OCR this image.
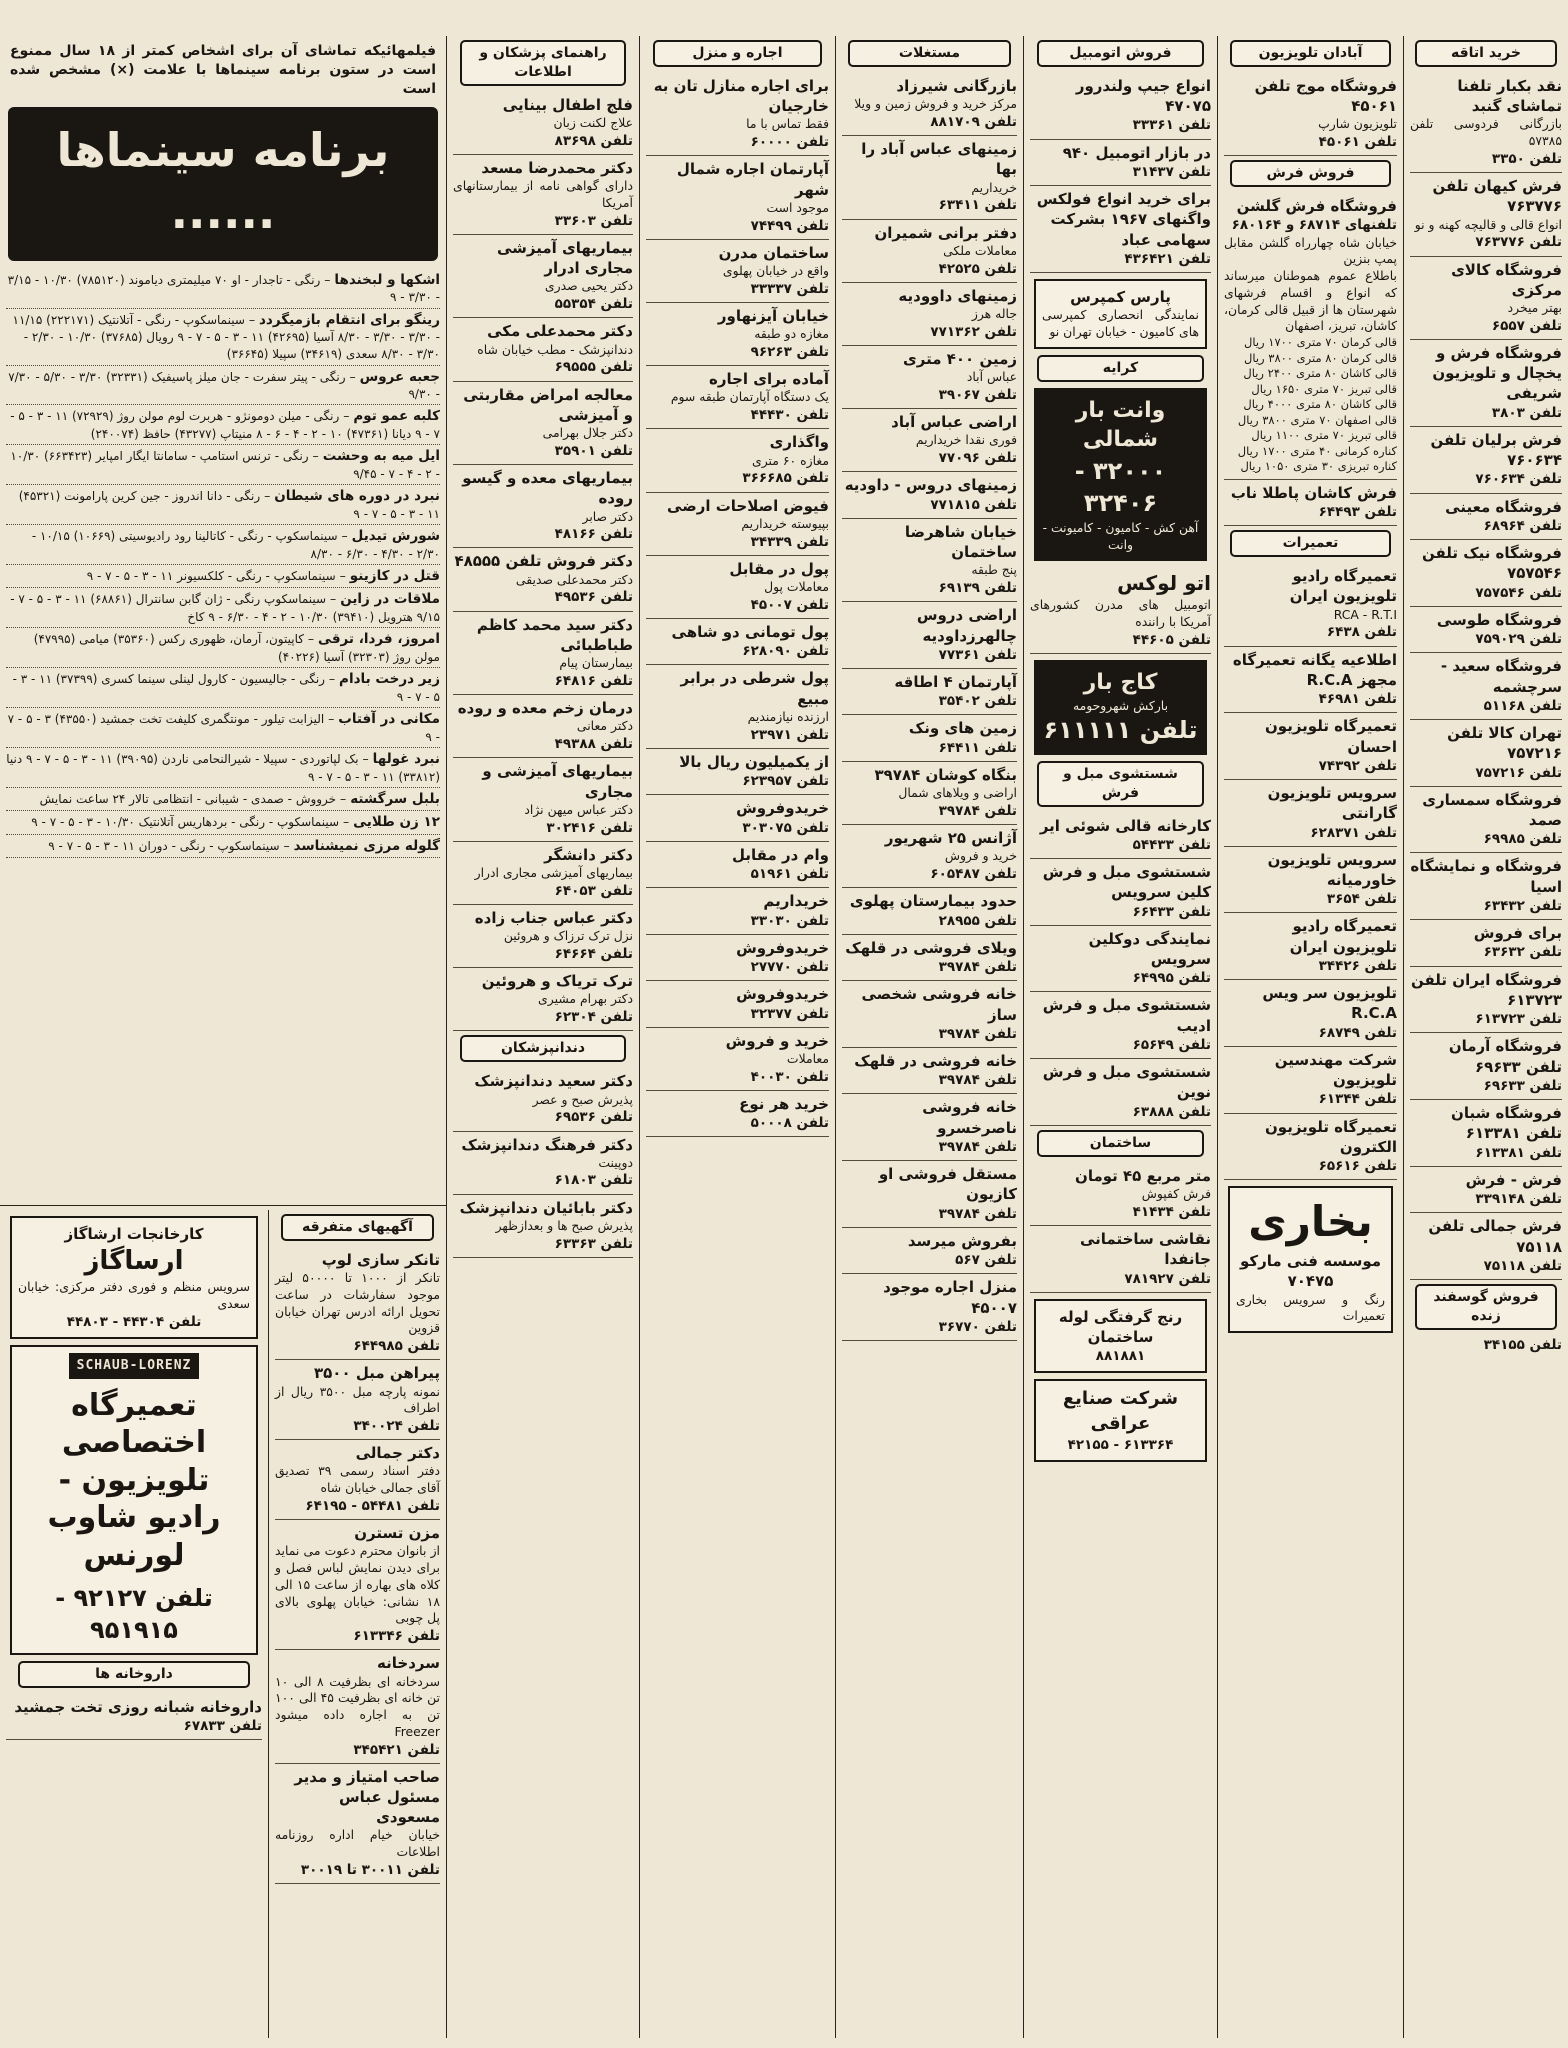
خرید اتاقه
نقد بکبار تلفنا تماشای گنبد
بازرگانی فردوسی تلفن ۵۷۳۸۵
تلفن ۳۳۵۰
فرش کیهان تلفن ۷۶۳۷۷۶
انواع قالی و قالیچه کهنه و نو
تلفن ۷۶۳۷۷۶
فروشگاه کالای مرکزی
بهتر میخرد
تلفن ۶۵۵۷
فروشگاه فرش و یخچال و تلویزیون شریفی
تلفن ۳۸۰۳
فرش برلیان تلفن ۷۶۰۶۳۴
تلفن ۷۶۰۶۳۴
فروشگاه معینی
تلفن ۶۸۹۶۴
فروشگاه نیک تلفن ۷۵۷۵۴۶
تلفن ۷۵۷۵۴۶
فروشگاه طوسی
تلفن ۷۵۹۰۲۹
فروشگاه سعید - سرچشمه
تلفن ۵۱۱۶۸
تهران کالا تلفن ۷۵۷۲۱۶
تلفن ۷۵۷۲۱۶
فروشگاه سمساری صمد
تلفن ۶۹۹۸۵
فروشگاه و نمایشگاه اسیا
تلفن ۶۳۴۳۲
برای فروش
تلفن ۶۳۶۳۲
فروشگاه ایران تلفن ۶۱۳۷۲۳
تلفن ۶۱۳۷۲۳
فروشگاه آرمان تلفن ۶۹۶۳۳
تلفن ۶۹۶۳۳
فروشگاه شبان تلفن ۶۱۳۳۸۱
تلفن ۶۱۳۳۸۱
فرش - فرش
تلفن ۳۳۹۱۴۸
فرش جمالی تلفن ۷۵۱۱۸
تلفن ۷۵۱۱۸
فروش گوسفند زنده
تلفن ۳۴۱۵۵
آبادان تلویزیون
فروشگاه موج تلفن ۴۵۰۶۱
تلویزیون شارپ
تلفن ۴۵۰۶۱
فروش فرش
فروشگاه فرش گلشن
تلفنهای ۶۸۷۱۴ و ۶۸۰۱۶۴
خیابان شاه چهارراه گلشن مقابل پمپ بنزین
باطلاع عموم هموطنان میرساند که انواع و اقسام فرشهای شهرستان ها از قبیل قالی کرمان، کاشان، تبریز، اصفهان
قالی کرمان ۷۰ متری ۱۷۰۰ ریال
قالی کرمان ۸۰ متری ۳۸۰۰ ریال
قالی کاشان ۸۰ متری ۲۴۰۰ ریال
قالی تبریز ۷۰ متری ۱۶۵۰ ریال
قالی کاشان ۸۰ متری ۴۰۰۰ ریال
قالی اصفهان ۷۰ متری ۳۸۰۰ ریال
قالی تبریز ۷۰ متری ۱۱۰۰ ریال
کناره کرمانی ۴۰ متری ۱۷۰۰ ریال
کناره تبریزی ۳۰ متری ۱۰۵۰ ریال
فرش کاشان پاطلا ناب
تلفن ۶۴۴۹۳
تعمیرات
تعمیرگاه رادیو تلویزیون ایران
RCA - R.T.I
تلفن ۶۴۳۸
اطلاعیه یگانه تعمیرگاه مجهز R.C.A
تلفن ۴۶۹۸۱
تعمیرگاه تلویزیون احسان
تلفن ۷۴۳۹۲
سرویس تلویزیون گارانتی
تلفن ۶۲۸۳۷۱
سرویس تلویزیون خاورمیانه
تلفن ۳۶۵۴
تعمیرگاه رادیو تلویزیون ایران
تلفن ۳۴۴۲۶
تلویزیون سر ویس R.C.A
تلفن ۶۸۷۴۹
شرکت مهندسین تلویزیون
تلفن ۶۱۳۴۴
تعمیرگاه تلویزیون الکترون
تلفن ۶۵۶۱۶
بخاری
موسسه فنی مارکو ۷۰۴۷۵
رنگ و سرویس بخاری تعمیرات
فروش اتومبیل
انواع جیپ ولندرور ۴۷۰۷۵
تلفن ۳۳۳۶۱
در بازار اتومبیل ۹۴۰
تلفن ۳۱۴۳۷
برای خرید انواع فولکس واگنهای ۱۹۶۷ بشرکت سهامی عباد
تلفن ۴۳۶۴۲۱
پارس کمپرس
نمایندگی انحصاری کمپرسی های کامیون - خیابان تهران نو
کرایه
وانت بار شمالی
۳۲۰۰۰ - ۳۲۴۰۶
آهن کش - کامیون - کامیونت - وانت
اتو لوکس
اتومبیل های مدرن کشورهای آمریکا با راننده
تلفن ۴۴۶۰۵
کاج بار
بارکش شهروحومه
تلفن ۶۱۱۱۱۱
شستشوی مبل و فرش
کارخانه قالی شوئی ایر
تلفن ۵۴۴۳۳
شستشوی مبل و فرش کلین سرویس
تلفن ۶۶۴۳۳
نمایندگی دوکلین سرویس
تلفن ۶۴۹۹۵
شستشوی مبل و فرش ادیب
تلفن ۶۵۶۴۹
شستشوی مبل و فرش نوین
تلفن ۶۳۸۸۸
ساختمان
متر مربع ۴۵ تومان
فرش کفپوش
تلفن ۴۱۴۳۴
نقاشی ساختمانی جانفدا
تلفن ۷۸۱۹۲۷
رنج گرفتگی لوله ساختمان
۸۸۱۸۸۱
شرکت صنایع عراقی
۶۱۳۳۶۴ - ۴۲۱۵۵
مستغلات
بازرگانی شیرزاد
مرکز خرید و فروش زمین و ویلا
تلفن ۸۸۱۷۰۹
زمینهای عباس آباد را بها
خریداریم
تلفن ۶۳۴۱۱
دفتر برانی شمیران
معاملات ملکی
تلفن ۴۲۵۲۵
زمینهای داوودیه
جاله هرز
تلفن ۷۷۱۳۶۲
زمین ۴۰۰ متری
عباس آباد
تلفن ۳۹۰۶۷
اراضی عباس آباد
فوری نقدا خریداریم
تلفن ۷۷۰۹۶
زمینهای دروس - داودیه
تلفن ۷۷۱۸۱۵
خیابان شاهرضا ساختمان
پنج طبقه
تلفن ۶۹۱۳۹
اراضی دروس چالهرزداودیه
تلفن ۷۷۳۶۱
آپارتمان ۴ اطاقه
تلفن ۳۵۴۰۲
زمین های ونک
تلفن ۶۴۴۱۱
بنگاه کوشان ۳۹۷۸۴
اراضی و ویلاهای شمال
تلفن ۳۹۷۸۴
آژانس ۲۵ شهریور
خرید و فروش
تلفن ۶۰۵۴۸۷
حدود بیمارستان پهلوی
تلفن ۲۸۹۵۵
ویلای فروشی در قلهک
تلفن ۳۹۷۸۴
خانه فروشی شخصی ساز
تلفن ۳۹۷۸۴
خانه فروشی در قلهک
تلفن ۳۹۷۸۴
خانه فروشی ناصرخسرو
تلفن ۳۹۷۸۴
مستقل فروشی او کازیون
تلفن ۳۹۷۸۴
بفروش میرسد
تلفن ۵۶۷
منزل اجاره موجود ۴۵۰۰۷
تلفن ۳۶۷۷۰
اجاره و منزل
برای اجاره منازل تان به خارجیان
فقط تماس با ما
تلفن ۶۰۰۰۰
آپارتمان اجاره شمال شهر
موجود است
تلفن ۷۴۴۹۹
ساختمان مدرن
واقع در خیابان پهلوی
تلفن ۳۳۳۳۷
خیابان آیزنهاور
مغازه دو طبقه
تلفن ۹۶۲۶۳
آماده برای اجاره
یک دستگاه آپارتمان طبقه سوم
تلفن ۴۴۴۳۰
واگذاری
مغازه ۶۰ متری
تلفن ۳۶۶۶۸۵
فیوض اصلاحات ارضی
بپیوسته خریداریم
تلفن ۳۴۳۳۹
پول در مقابل
معاملات پول
تلفن ۴۵۰۰۷
پول تومانی دو شاهی
تلفن ۶۲۸۰۹۰
پول شرطی در برابر مبیع
ارزنده نیازمندیم
تلفن ۲۳۹۷۱
از یکمیلیون ریال بالا
تلفن ۶۲۳۹۵۷
خریدوفروش
تلفن ۳۰۳۰۷۵
وام در مقابل
تلفن ۵۱۹۶۱
خریداریم
تلفن ۳۳۰۳۰
خریدوفروش
تلفن ۲۷۷۷۰
خریدوفروش
تلفن ۳۲۳۷۷
خرید و فروش
معاملات
تلفن ۴۰۰۳۰
خرید هر نوع
تلفن ۵۰۰۰۸
راهنمای پزشکان و اطلاعات
فلج اطفال بینایی
علاج لکنت زبان
تلفن ۸۳۶۹۸
دکتر محمدرضا مسعد
دارای گواهی نامه از بیمارستانهای آمریکا
تلفن ۳۳۶۰۳
بیماریهای آمیزشی مجاری ادرار
دکتر یحیی صدری
تلفن ۵۵۳۵۴
دکتر محمدعلی مکی
دندانپزشک - مطب خیابان شاه
تلفن ۶۹۵۵۵
معالجه امراض مقاربتی و آمیزشی
دکتر جلال بهرامی
تلفن ۳۵۹۰۱
بیماریهای معده و گیسو روده
دکتر صابر
تلفن ۴۸۱۶۶
دکتر فروش تلفن ۴۸۵۵۵
دکتر محمدعلی صدیقی
تلفن ۴۹۵۳۶
دکتر سید محمد کاظم طباطبائی
بیمارستان پیام
تلفن ۶۴۸۱۶
درمان زخم معده و روده
دکتر معانی
تلفن ۴۹۳۸۸
بیماریهای آمیزشی و مجاری
دکتر عباس میهن نژاد
تلفن ۳۰۲۴۱۶
دکتر دانشگر
بیماریهای آمیزشی مجاری ادرار
تلفن ۶۴۰۵۳
دکتر عباس جناب زاده
نزل ترک ترزاک و هروئین
تلفن ۶۴۶۶۴
ترک تریاک و هروئین
دکتر بهرام مشیری
تلفن ۶۲۳۰۴
دندانپزشکان
دکتر سعید دندانپزشک
پذیرش صبح و عصر
تلفن ۶۹۵۳۶
دکتر فرهنگ دندانپزشک
دوپینت
تلفن ۶۱۸۰۳
دکتر بابائیان دندانپزشک
پذیرش صبح ها و بعدازظهر
تلفن ۶۳۳۶۳
آگهیهای متفرقه
تانکر سازی لوپ
تانکر از ۱۰۰۰ تا ۵۰۰۰۰ لیتر موجود سفارشات در ساعت تحویل ارائه ادرس تهران خیابان قزوین
تلفن ۶۴۴۹۸۵
پیراهن مبل ۳۵۰۰
نمونه پارچه مبل ۳۵۰۰ ریال از اطراف
تلفن ۳۴۰۰۲۴
دکتر جمالی
دفتر اسناد رسمی ۳۹ تصدیق آقای جمالی خیابان شاه
تلفن ۵۴۴۸۱ - ۶۴۱۹۵
مزن تسترن
از بانوان محترم دعوت می نماید برای دیدن نمایش لباس فصل و کلاه های بهاره از ساعت ۱۵ الی ۱۸ نشانی: خیابان پهلوی بالای پل چوبی
تلفن ۶۱۳۳۴۶
سردخانه
سردخانه ای بظرفیت ۸ الی ۱۰ تن خانه ای بظرفیت ۴۵ الی ۱۰۰ تن به اجاره داده میشود Freezer
تلفن ۳۴۵۴۲۱
صاحب امتیاز و مدیر مسئول عباس مسعودی
خیابان خیام اداره روزنامه اطلاعات
تلفن ۳۰۰۱۱ تا ۳۰۰۱۹
فیلمهائیکه تماشای آن برای اشخاص کمتر از ۱۸ سال ممنوع است در ستون برنامه سینماها با علامت (×) مشخص شده است
برنامه سینماها ......
اشکها و لبخندها – رنگی - تاجدار - او ۷۰ میلیمتری دیاموند (۷۸۵۱۲۰) ۱۰/۳۰ - ۳/۱۵ - ۳/۳۰ - ۹
رینگو برای انتقام بازمیگردد – سینماسکوپ - رنگی - آتلانتیک (۲۲۲۱۷۱) ۱۱/۱۵ - ۳/۳۰ - ۳/۳۰ - ۸/۳۰ آسیا (۴۲۶۹۵) ۱۱ - ۳ - ۵ - ۷ - ۹ رویال (۳۷۶۸۵) ۱۰/۳۰ - ۲/۳۰ - ۳/۳۰ - ۸/۳۰ سعدی (۳۴۶۱۹) سپیلا (۳۶۶۴۵)
جعبه عروس – رنگی - پیتر سفرت - جان میلز پاسیفیک (۳۲۳۳۱) ۳/۳۰ - ۵/۳۰ - ۷/۳۰ - ۹/۳۰
کلبه عمو توم – رنگی - میلن دومونژو - هربرت لوم مولن روژ (۷۲۹۲۹) ۱۱ - ۳ - ۵ - ۷ - ۹ دیانا (۴۷۳۶۱) ۱۰ - ۲ - ۴ - ۶ - ۸ منیتاپ (۴۳۲۷۷) حافظ (۲۴۰۰۷۴)
ایل میه به وحشت – رنگی - ترنس استامپ - سامانتا ایگار امپایر (۶۶۳۴۲۳) ۱۰/۳۰ - ۲ - ۴ - ۷ - ۹/۴۵
نبرد در دوره های شیطان – رنگی - دانا اندروز - جین کرین پارامونت (۴۵۳۲۱) ۱۱ - ۳ - ۵ - ۷ - ۹
شورش تیدیل – سینماسکوپ - رنگی - کاتالینا رود رادیوسیتی (۱۰۶۶۹) ۱۰/۱۵ - ۲/۳۰ - ۴/۳۰ - ۶/۳۰ - ۸/۳۰
قتل در کازینو – سینماسکوپ - رنگی - کلکسیونر ۱۱ - ۳ - ۵ - ۷ - ۹
ملاقات در زاین – سینماسکوپ رنگی - ژان گابن سانترال (۶۸۸۶۱) ۱۱ - ۳ - ۵ - ۷ - ۹/۱۵ هترویل (۳۹۴۱۰) ۱۰/۳۰ - ۲ - ۴ - ۶/۳۰ - ۹ کاخ
امروز، فردا، ترقی – کاپیتون، آرمان، ظهوری رکس (۳۵۳۶۰) میامی (۴۷۹۹۵) مولن روژ (۳۲۳۰۳) آسیا (۴۰۲۲۶)
زیر درخت بادام – رنگی - جالیسیون - کارول لینلی سینما کسری (۳۷۳۹۹) ۱۱ - ۳ - ۵ - ۷ - ۹
مکانی در آفتاب – الیزابت تیلور - مونتگمری کلیفت تخت جمشید (۴۳۵۵۰) ۳ - ۵ - ۷ - ۹
نبرد غولها – بک لپاتوردی - سپیلا - شیرالنحامی ناردن (۳۹۰۹۵) ۱۱ - ۳ - ۵ - ۷ - ۹ دنیا (۳۳۸۱۲) ۱۱ - ۳ - ۵ - ۷ - ۹
بلبل سرگشته – خرووش - صمدی - شیبانی - انتظامی تالار ۲۴ ساعت نمایش
۱۲ زن طلایی – سینماسکوپ - رنگی - بردهاریس آتلانتیک ۱۰/۳۰ - ۳ - ۵ - ۷ - ۹
گلوله مرزی نمیشناسد – سینماسکوپ - رنگی - دوران ۱۱ - ۳ - ۵ - ۷ - ۹
کارخانجات ارشاگاز
ارساگاز
سرویس منظم و فوری دفتر مرکزی: خیابان سعدی
تلفن ۴۴۳۰۴ - ۴۴۸۰۳
SCHAUB-LORENZ
تعمیرگاه اختصاصی تلویزیون - رادیو شاوب لورنس
تلفن ۹۲۱۲۷ - ۹۵۱۹۱۵
داروخانه ها
داروخانه شبانه روزی تخت جمشید
تلفن ۶۷۸۳۳
